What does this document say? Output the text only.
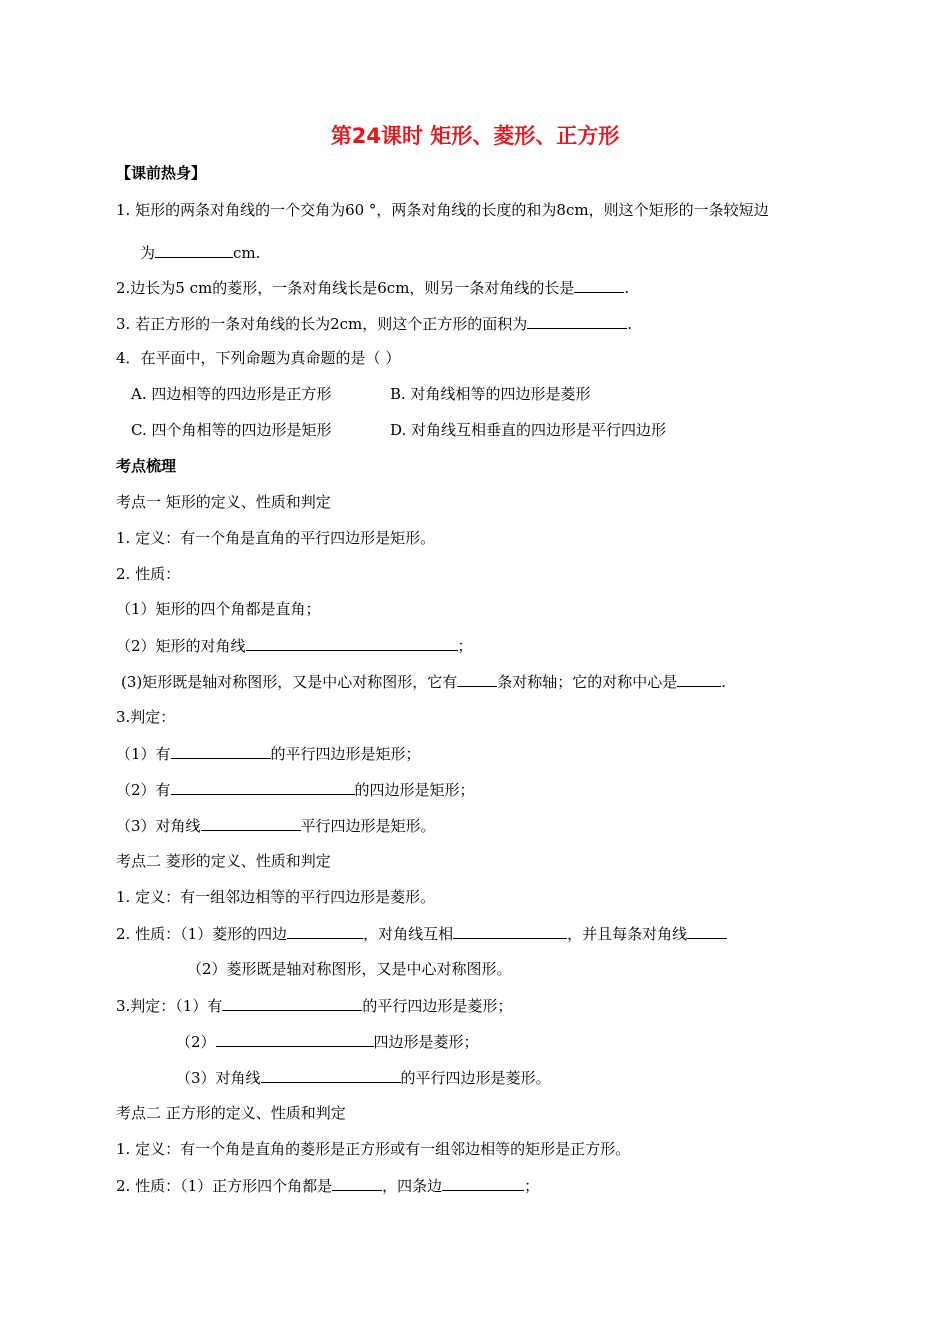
第24课时 矩形、菱形、正方形
【课前热身】
1. 矩形的两条对角线的一个交角为60 °，两条对角线的长度的和为8cm，则这个矩形的一条较短边
为	cm.
2.边长为5 cm的菱形，一条对角线长是6cm，则另一条对角线的长是	.
3. 若正方形的一条对角线的长为2cm，则这个正方形的面积为	.
4．在平面中，下列命题为真命题的是（ ）
A. 四边相等的四边形是正方形	B. 对角线相等的四边形是菱形
C. 四个角相等的四边形是矩形	D. 对角线互相垂直的四边形是平行四边形
考点梳理
考点一 矩形的定义、性质和判定
1. 定义：有一个角是直角的平行四边形是矩形。
2. 性质：
（1）矩形的四个角都是直角；
（2）矩形的对角线	；
(3)矩形既是轴对称图形，又是中心对称图形，它有	条对称轴；它的对称中心是	.
3.判定：
（1）有	的平行四边形是矩形；
（2）有	的四边形是矩形；
（3）对角线	平行四边形是矩形。
考点二 菱形的定义、性质和判定
1. 定义：有一组邻边相等的平行四边形是菱形。
2. 性质：（1）菱形的四边	，对角线互相	，并且每条对角线
（2）菱形既是轴对称图形，又是中心对称图形。
3.判定：（1）有	的平行四边形是菱形；
（2）	四边形是菱形；
（3）对角线	的平行四边形是菱形。
考点二 正方形的定义、性质和判定
1. 定义：有一个角是直角的菱形是正方形或有一组邻边相等的矩形是正方形。
2. 性质：（1）正方形四个角都是	，四条边	；
